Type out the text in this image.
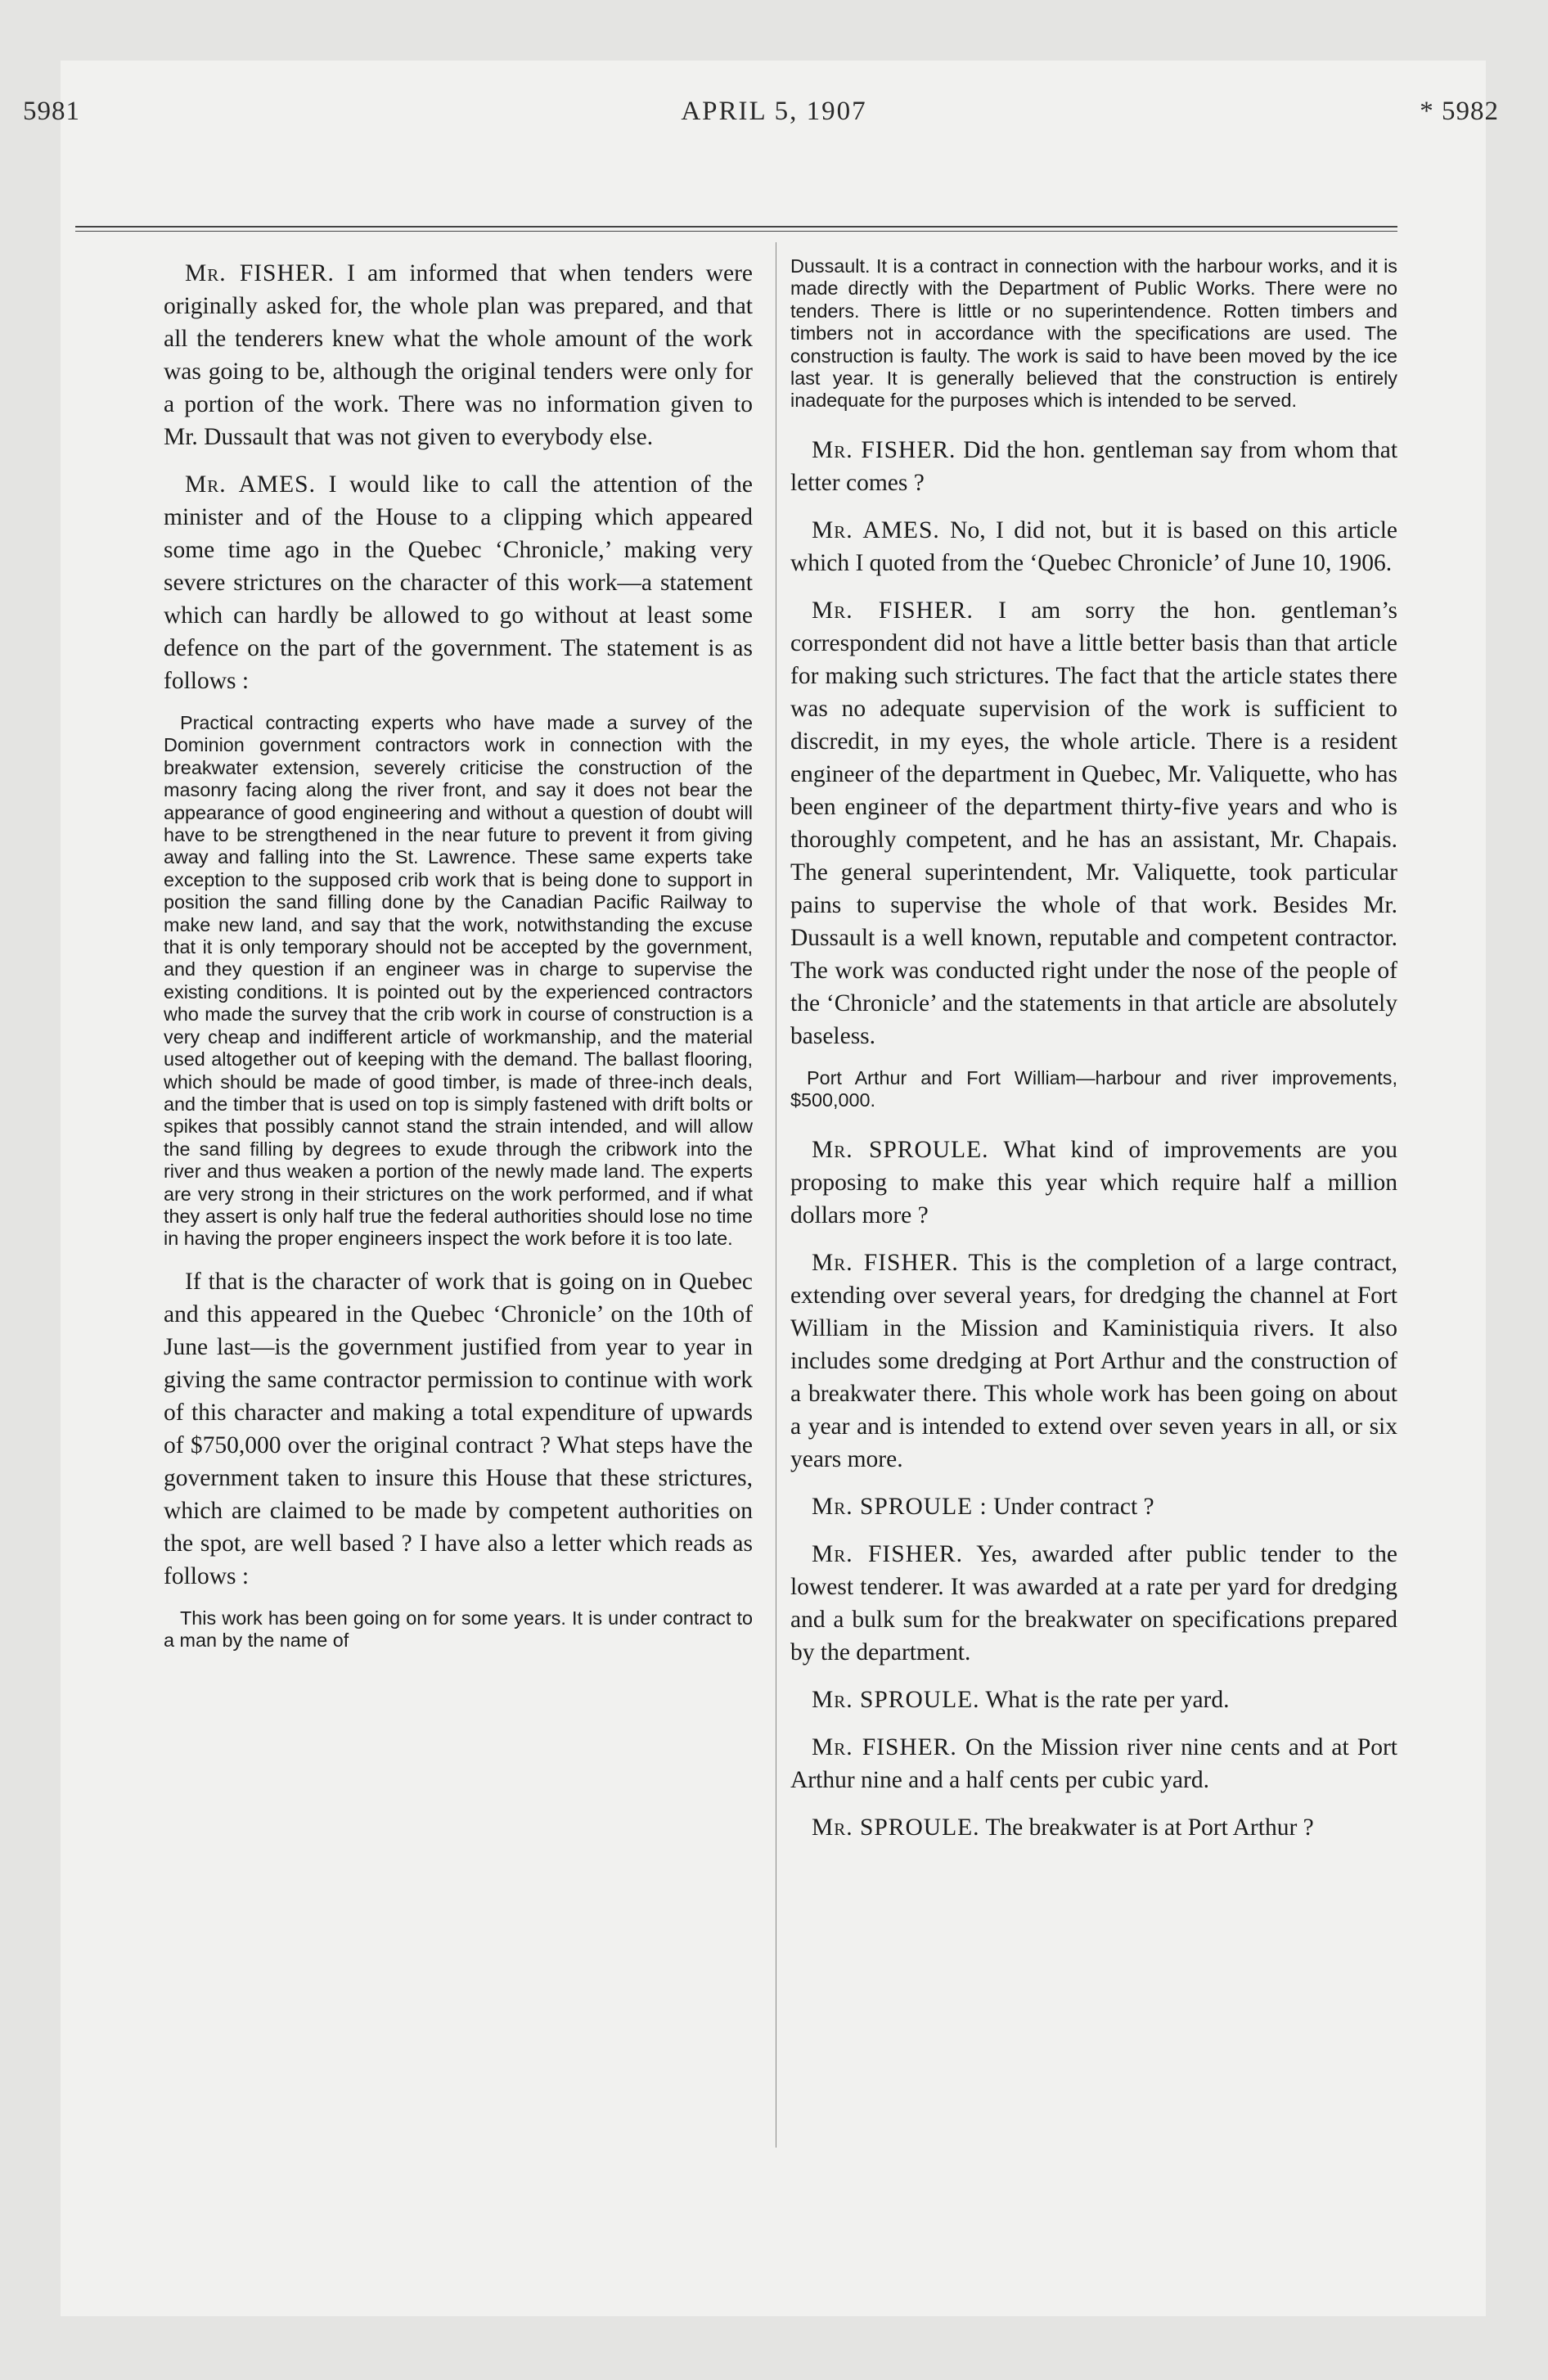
5981	APRIL 5, 1907	* 5982

Mr. FISHER. I am informed that when tenders were originally asked for, the whole plan was prepared, and that all the tenderers knew what the whole amount of the work was going to be, although the original tenders were only for a portion of the work. There was no information given to Mr. Dussault that was not given to everybody else.

Mr. AMES. I would like to call the attention of the minister and of the House to a clipping which appeared some time ago in the Quebec ‘Chronicle,’ making very severe strictures on the character of this work—a statement which can hardly be allowed to go without at least some defence on the part of the government. The statement is as follows :

Practical contracting experts who have made a survey of the Dominion government contractors work in connection with the breakwater extension, severely criticise the construction of the masonry facing along the river front, and say it does not bear the appearance of good engineering and without a question of doubt will have to be strengthened in the near future to prevent it from giving away and falling into the St. Lawrence. These same experts take exception to the supposed crib work that is being done to support in position the sand filling done by the Canadian Pacific Railway to make new land, and say that the work, notwithstanding the excuse that it is only temporary should not be accepted by the government, and they question if an engineer was in charge to supervise the existing conditions. It is pointed out by the experienced contractors who made the survey that the crib work in course of construction is a very cheap and indifferent article of workmanship, and the material used altogether out of keeping with the demand. The ballast flooring, which should be made of good timber, is made of three-inch deals, and the timber that is used on top is simply fastened with drift bolts or spikes that possibly cannot stand the strain intended, and will allow the sand filling by degrees to exude through the cribwork into the river and thus weaken a portion of the newly made land. The experts are very strong in their strictures on the work performed, and if what they assert is only half true the federal authorities should lose no time in having the proper engineers inspect the work before it is too late.

If that is the character of work that is going on in Quebec and this appeared in the Quebec ‘Chronicle’ on the 10th of June last—is the government justified from year to year in giving the same contractor permission to continue with work of this character and making a total expenditure of upwards of $750,000 over the original contract ? What steps have the government taken to insure this House that these strictures, which are claimed to be made by competent authorities on the spot, are well based ? I have also a letter which reads as follows :

This work has been going on for some years. It is under contract to a man by the name of

Dussault. It is a contract in connection with the harbour works, and it is made directly with the Department of Public Works. There were no tenders. There is little or no superintendence. Rotten timbers and timbers not in accordance with the specifications are used. The construction is faulty. The work is said to have been moved by the ice last year. It is generally believed that the construction is entirely inadequate for the purposes which is intended to be served.

Mr. FISHER. Did the hon. gentleman say from whom that letter comes ?

Mr. AMES. No, I did not, but it is based on this article which I quoted from the ‘Quebec Chronicle’ of June 10, 1906.

Mr. FISHER. I am sorry the hon. gentleman’s correspondent did not have a little better basis than that article for making such strictures. The fact that the article states there was no adequate supervision of the work is sufficient to discredit, in my eyes, the whole article. There is a resident engineer of the department in Quebec, Mr. Valiquette, who has been engineer of the department thirty-five years and who is thoroughly competent, and he has an assistant, Mr. Chapais. The general superintendent, Mr. Valiquette, took particular pains to supervise the whole of that work. Besides Mr. Dussault is a well known, reputable and competent contractor. The work was conducted right under the nose of the people of the ‘Chronicle’ and the statements in that article are absolutely baseless.

Port Arthur and Fort William—harbour and river improvements, $500,000.

Mr. SPROULE. What kind of improvements are you proposing to make this year which require half a million dollars more ?

Mr. FISHER. This is the completion of a large contract, extending over several years, for dredging the channel at Fort William in the Mission and Kaministiquia rivers. It also includes some dredging at Port Arthur and the construction of a breakwater there. This whole work has been going on about a year and is intended to extend over seven years in all, or six years more.

Mr. SPROULE : Under contract ?

Mr. FISHER. Yes, awarded after public tender to the lowest tenderer. It was awarded at a rate per yard for dredging and a bulk sum for the breakwater on specifications prepared by the department.

Mr. SPROULE. What is the rate per yard.

Mr. FISHER. On the Mission river nine cents and at Port Arthur nine and a half cents per cubic yard.

Mr. SPROULE. The breakwater is at Port Arthur ?
